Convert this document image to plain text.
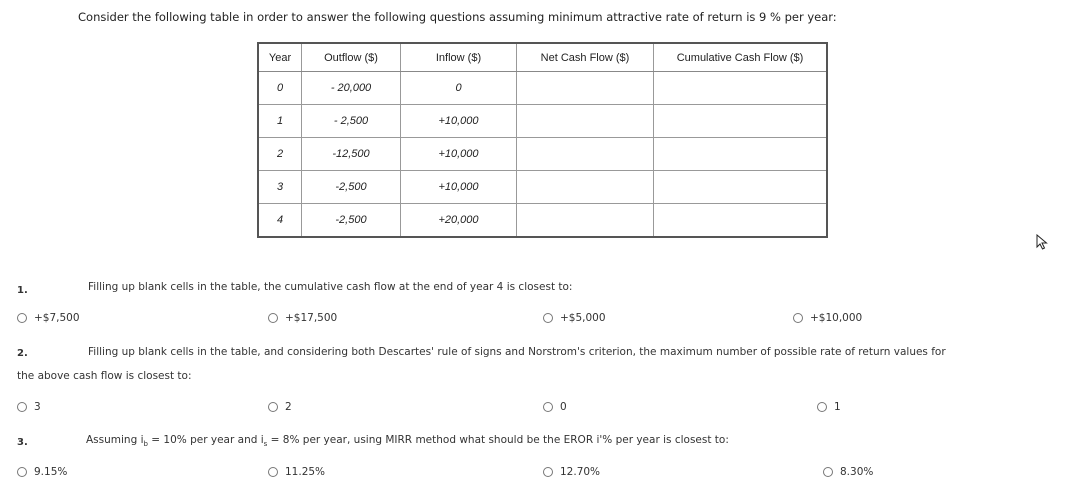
Consider the following table in order to answer the following questions assuming minimum attractive rate of return is 9 % per year:
Year	Outflow ($)	Inflow ($)	Net Cash Flow ($)	Cumulative Cash Flow ($)
0	- 20,000	0		
1	- 2,500	+10,000		
2	-12,500	+10,000		
3	-2,500	+10,000		
4	-2,500	+20,000		
1.	Filling up blank cells in the table, the cumulative cash flow at the end of year 4 is closest to:
+$7,500	+$17,500	+$5,000	+$10,000
2.	Filling up blank cells in the table, and considering both Descartes' rule of signs and Norstrom's criterion, the maximum number of possible rate of return values for
the above cash flow is closest to:
3	2	0	1
3.	Assuming $i_b = 10\%$ per year and $i_s = 8\%$ per year, using MIRR method what should be the EROR i'% per year is closest to:
9.15%	11.25%	12.70%	8.30%
